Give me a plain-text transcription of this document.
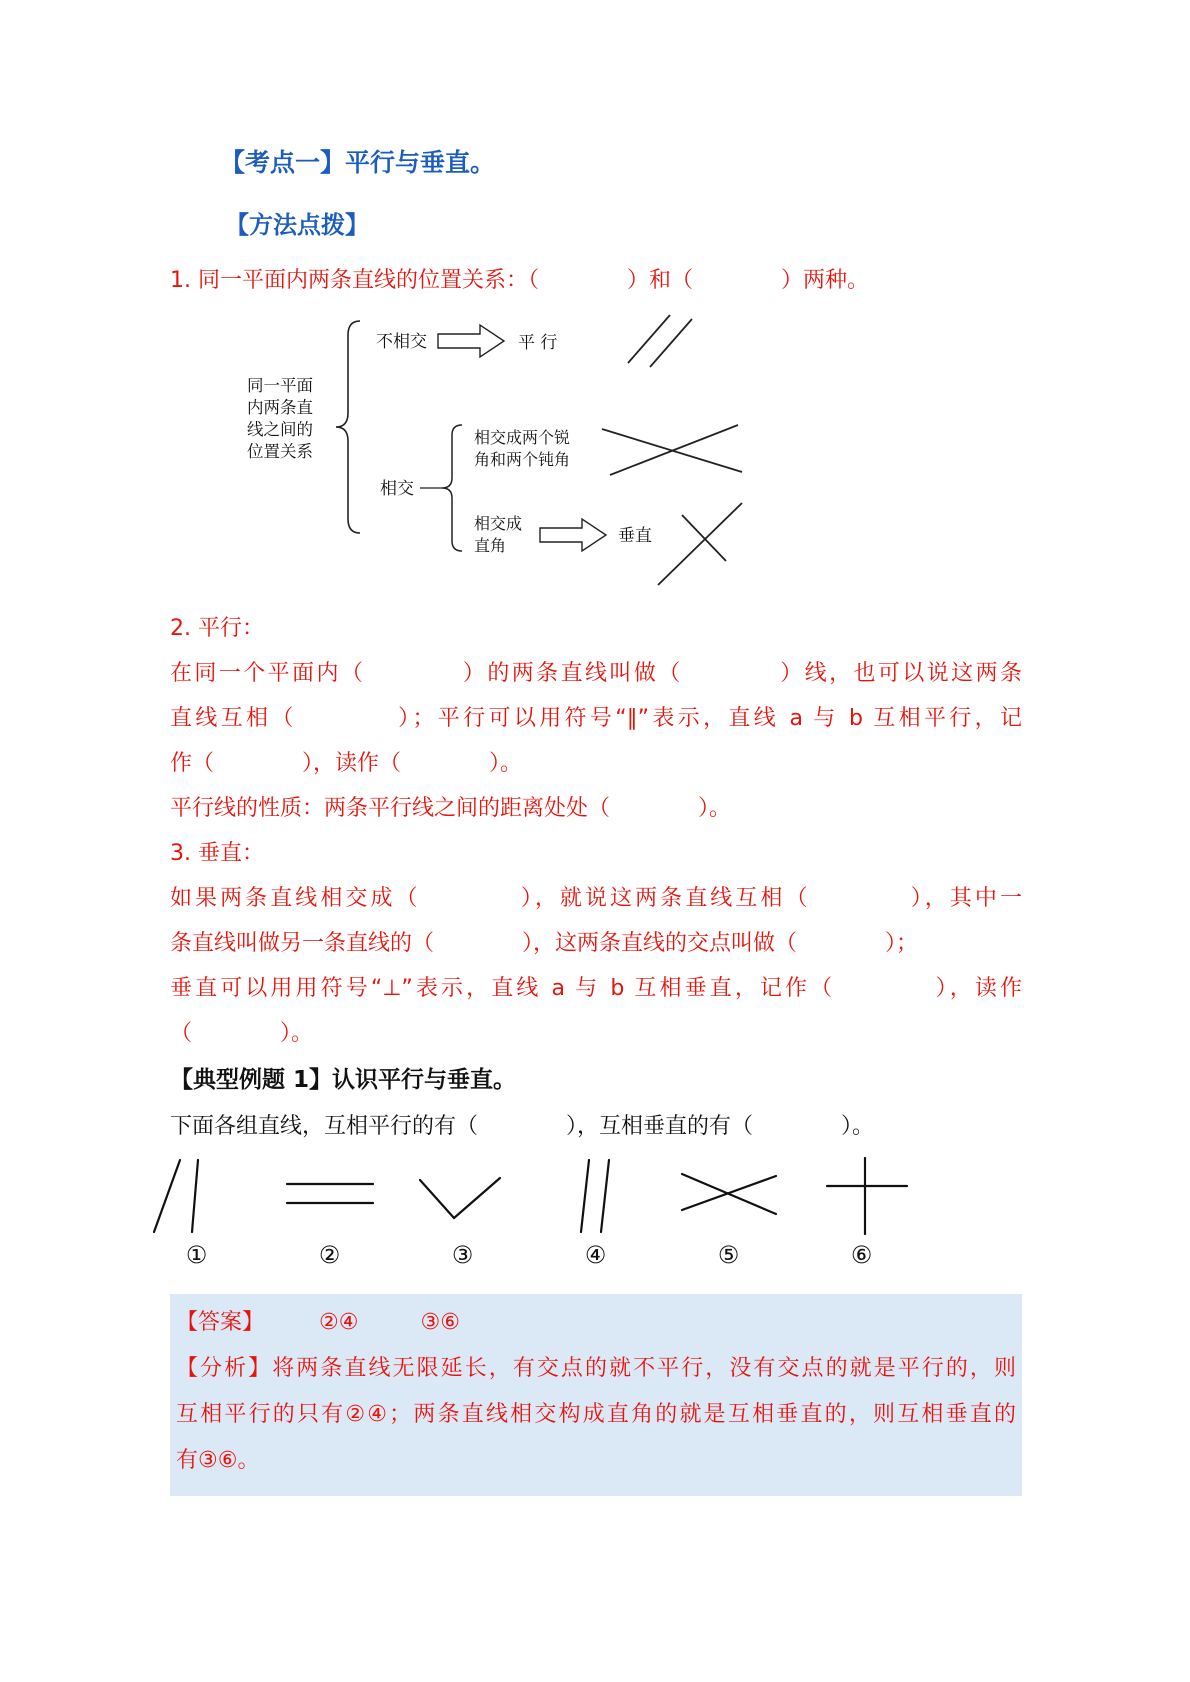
【考点一】平行与垂直。
【方法点拨】
1. 同一平面内两条直线的位置关系：（　　　　）和（　　　　）两种。
同一平面
内两条直
线之间的
位置关系
不相交	平 行
相交
相交成两个锐
角和两个钝角
相交成
直角	垂直
2. 平行：
在同一个平面内（　　　　）的两条直线叫做（　　　　）线，也可以说这两条
直线互相（　　　　）；平行可以用符号“∥”表示，直线 a 与 b 互相平行，记
作（　　　　），读作（　　　　）。
平行线的性质：两条平行线之间的距离处处（　　　　）。
3. 垂直：
如果两条直线相交成（　　　　），就说这两条直线互相（　　　　），其中一
条直线叫做另一条直线的（　　　　），这两条直线的交点叫做（　　　　）；
垂直可以用用符号“⊥”表示，直线 a 与 b 互相垂直，记作（　　　　），读作
（　　　　）。
【典型例题 1】认识平行与垂直。
下面各组直线，互相平行的有（　　　　），互相垂直的有（　　　　）。
①	②	③	④	⑤	⑥
【答案】	②④	③⑥
【分析】将两条直线无限延长，有交点的就不平行，没有交点的就是平行的，则
互相平行的只有②④；两条直线相交构成直角的就是互相垂直的，则互相垂直的
有③⑥。
